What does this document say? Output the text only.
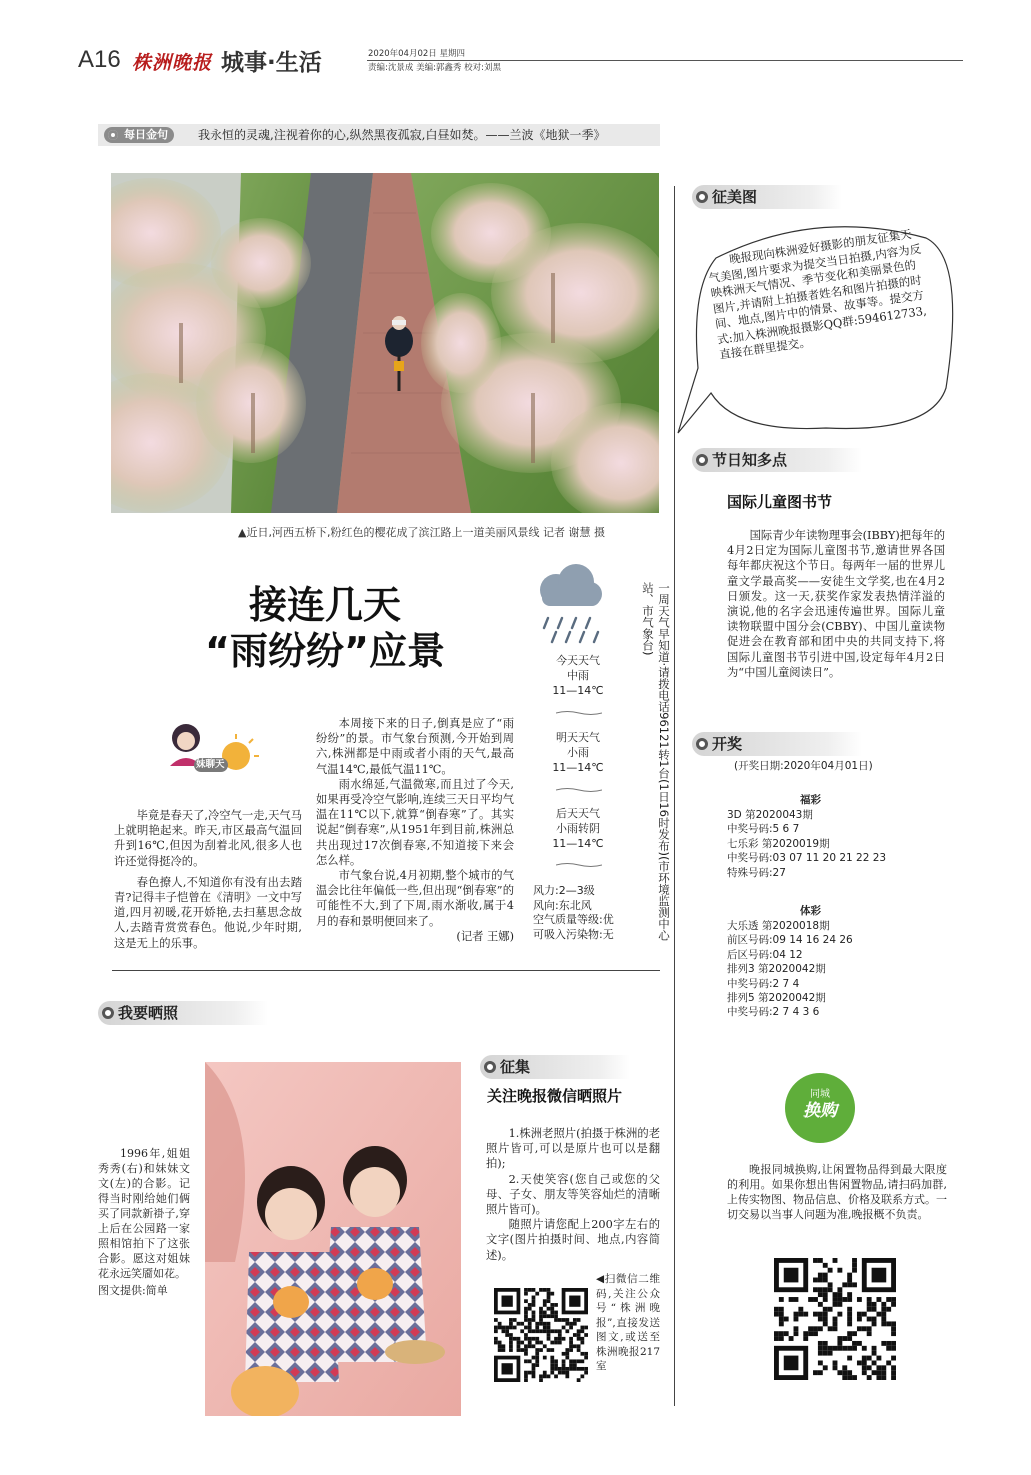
A16 株洲晚报 城事·生活	2020年04月02日 星期四
责编:沈景成 美编:郭鑫秀 校对:刘黑
每日金句	我永恒的灵魂,注视着你的心,纵然黑夜孤寂,白昼如焚。——兰波《地狱一季》
▲近日,河西五桥下,粉红色的樱花成了滨江路上一道美丽风景线 记者 谢慧 摄
接连几天
“雨纷纷”应景	今天天气
中雨
11—14℃
明天天气
小雨
11—14℃
后天天气
小雨转阴
11—14℃
风力:2—3级
风向:东北风
空气质量等级:优
可吸入污染物:无	一周天气早知道·请拨电话96121转1台(1日16时发布)(市环境监测中心站、市气象台)
妹聊天

毕竟是春天了,冷空气一走,天气马上就明艳起来。昨天,市区最高气温回升到16℃,但因为刮着北风,很多人也许还觉得挺冷的。

春色撩人,不知道你有没有出去踏青?记得丰子恺曾在《清明》一文中写道,四月初暖,花开娇艳,去扫墓思念故人,去踏青赏赏春色。他说,少年时期,这是无上的乐事。

本周接下来的日子,倒真是应了“雨纷纷”的景。市气象台预测,今开始到周六,株洲都是中雨或者小雨的天气,最高气温14℃,最低气温11℃。

雨水绵延,气温微寒,而且过了今天,如果再受冷空气影响,连续三天日平均气温在11℃以下,就算“倒春寒”了。其实说起“倒春寒”,从1951年到目前,株洲总共出现过17次倒春寒,不知道接下来会怎么样。

市气象台说,4月初期,整个城市的气温会比往年偏低一些,但出现“倒春寒”的可能性不大,到了下周,雨水渐收,属于4月的春和景明便回来了。

(记者 王娜)
征美图
晚报现向株洲爱好摄影的朋友征集天气美图,图片要求为提交当日拍摄,内容为反映株洲天气情况、季节变化和美丽景色的图片,并请附上拍摄者姓名和图片拍摄的时间、地点,图片中的情景、故事等。提交方式:加入株洲晚报摄影QQ群:594612733,直接在群里提交。
节日知多点
国际儿童图书节

国际青少年读物理事会(IBBY)把每年的4月2日定为国际儿童图书节,邀请世界各国每年都庆祝这个节日。每两年一届的世界儿童文学最高奖——安徒生文学奖,也在4月2日颁发。这一天,获奖作家发表热情洋溢的演说,他的名字会迅速传遍世界。国际儿童读物联盟中国分会(CBBY)、中国儿童读物促进会在教育部和团中央的共同支持下,将国际儿童图书节引进中国,设定每年4月2日为“中国儿童阅读日”。

开奖
(开奖日期:2020年04月01日)
福彩
3D 第2020043期
中奖号码:5 6 7
七乐彩 第2020019期
中奖号码:03 07 11 20 21 22 23
特殊号码:27
体彩
大乐透 第2020018期
前区号码:09 14 16 24 26
后区号码:04 12
排列3 第2020042期
中奖号码:2 7 4
排列5 第2020042期
中奖号码:2 7 4 3 6
同城
换购

晚报同城换购,让闲置物品得到最大限度的利用。如果你想出售闲置物品,请扫码加群,上传实物图、物品信息、价格及联系方式。一切交易以当事人问题为准,晚报概不负责。

我要晒照

1996年,姐姐秀秀(右)和妹妹文文(左)的合影。记得当时刚给她们俩买了同款新褂子,穿上后在公园路一家照相馆拍下了这张合影。愿这对姐妹花永远笑靥如花。

图文提供:简单
征集
关注晚报微信晒照片

1.株洲老照片(拍摄于株洲的老照片皆可,可以是原片也可以是翻拍);

2.天使笑容(您自己或您的父母、子女、朋友等笑容灿烂的清晰照片皆可)。

随照片请您配上200字左右的文字(图片拍摄时间、地点,内容简述)。

◀扫微信二维码,关注公众号“株洲晚报”,直接发送图文,或送至株洲晚报217室
